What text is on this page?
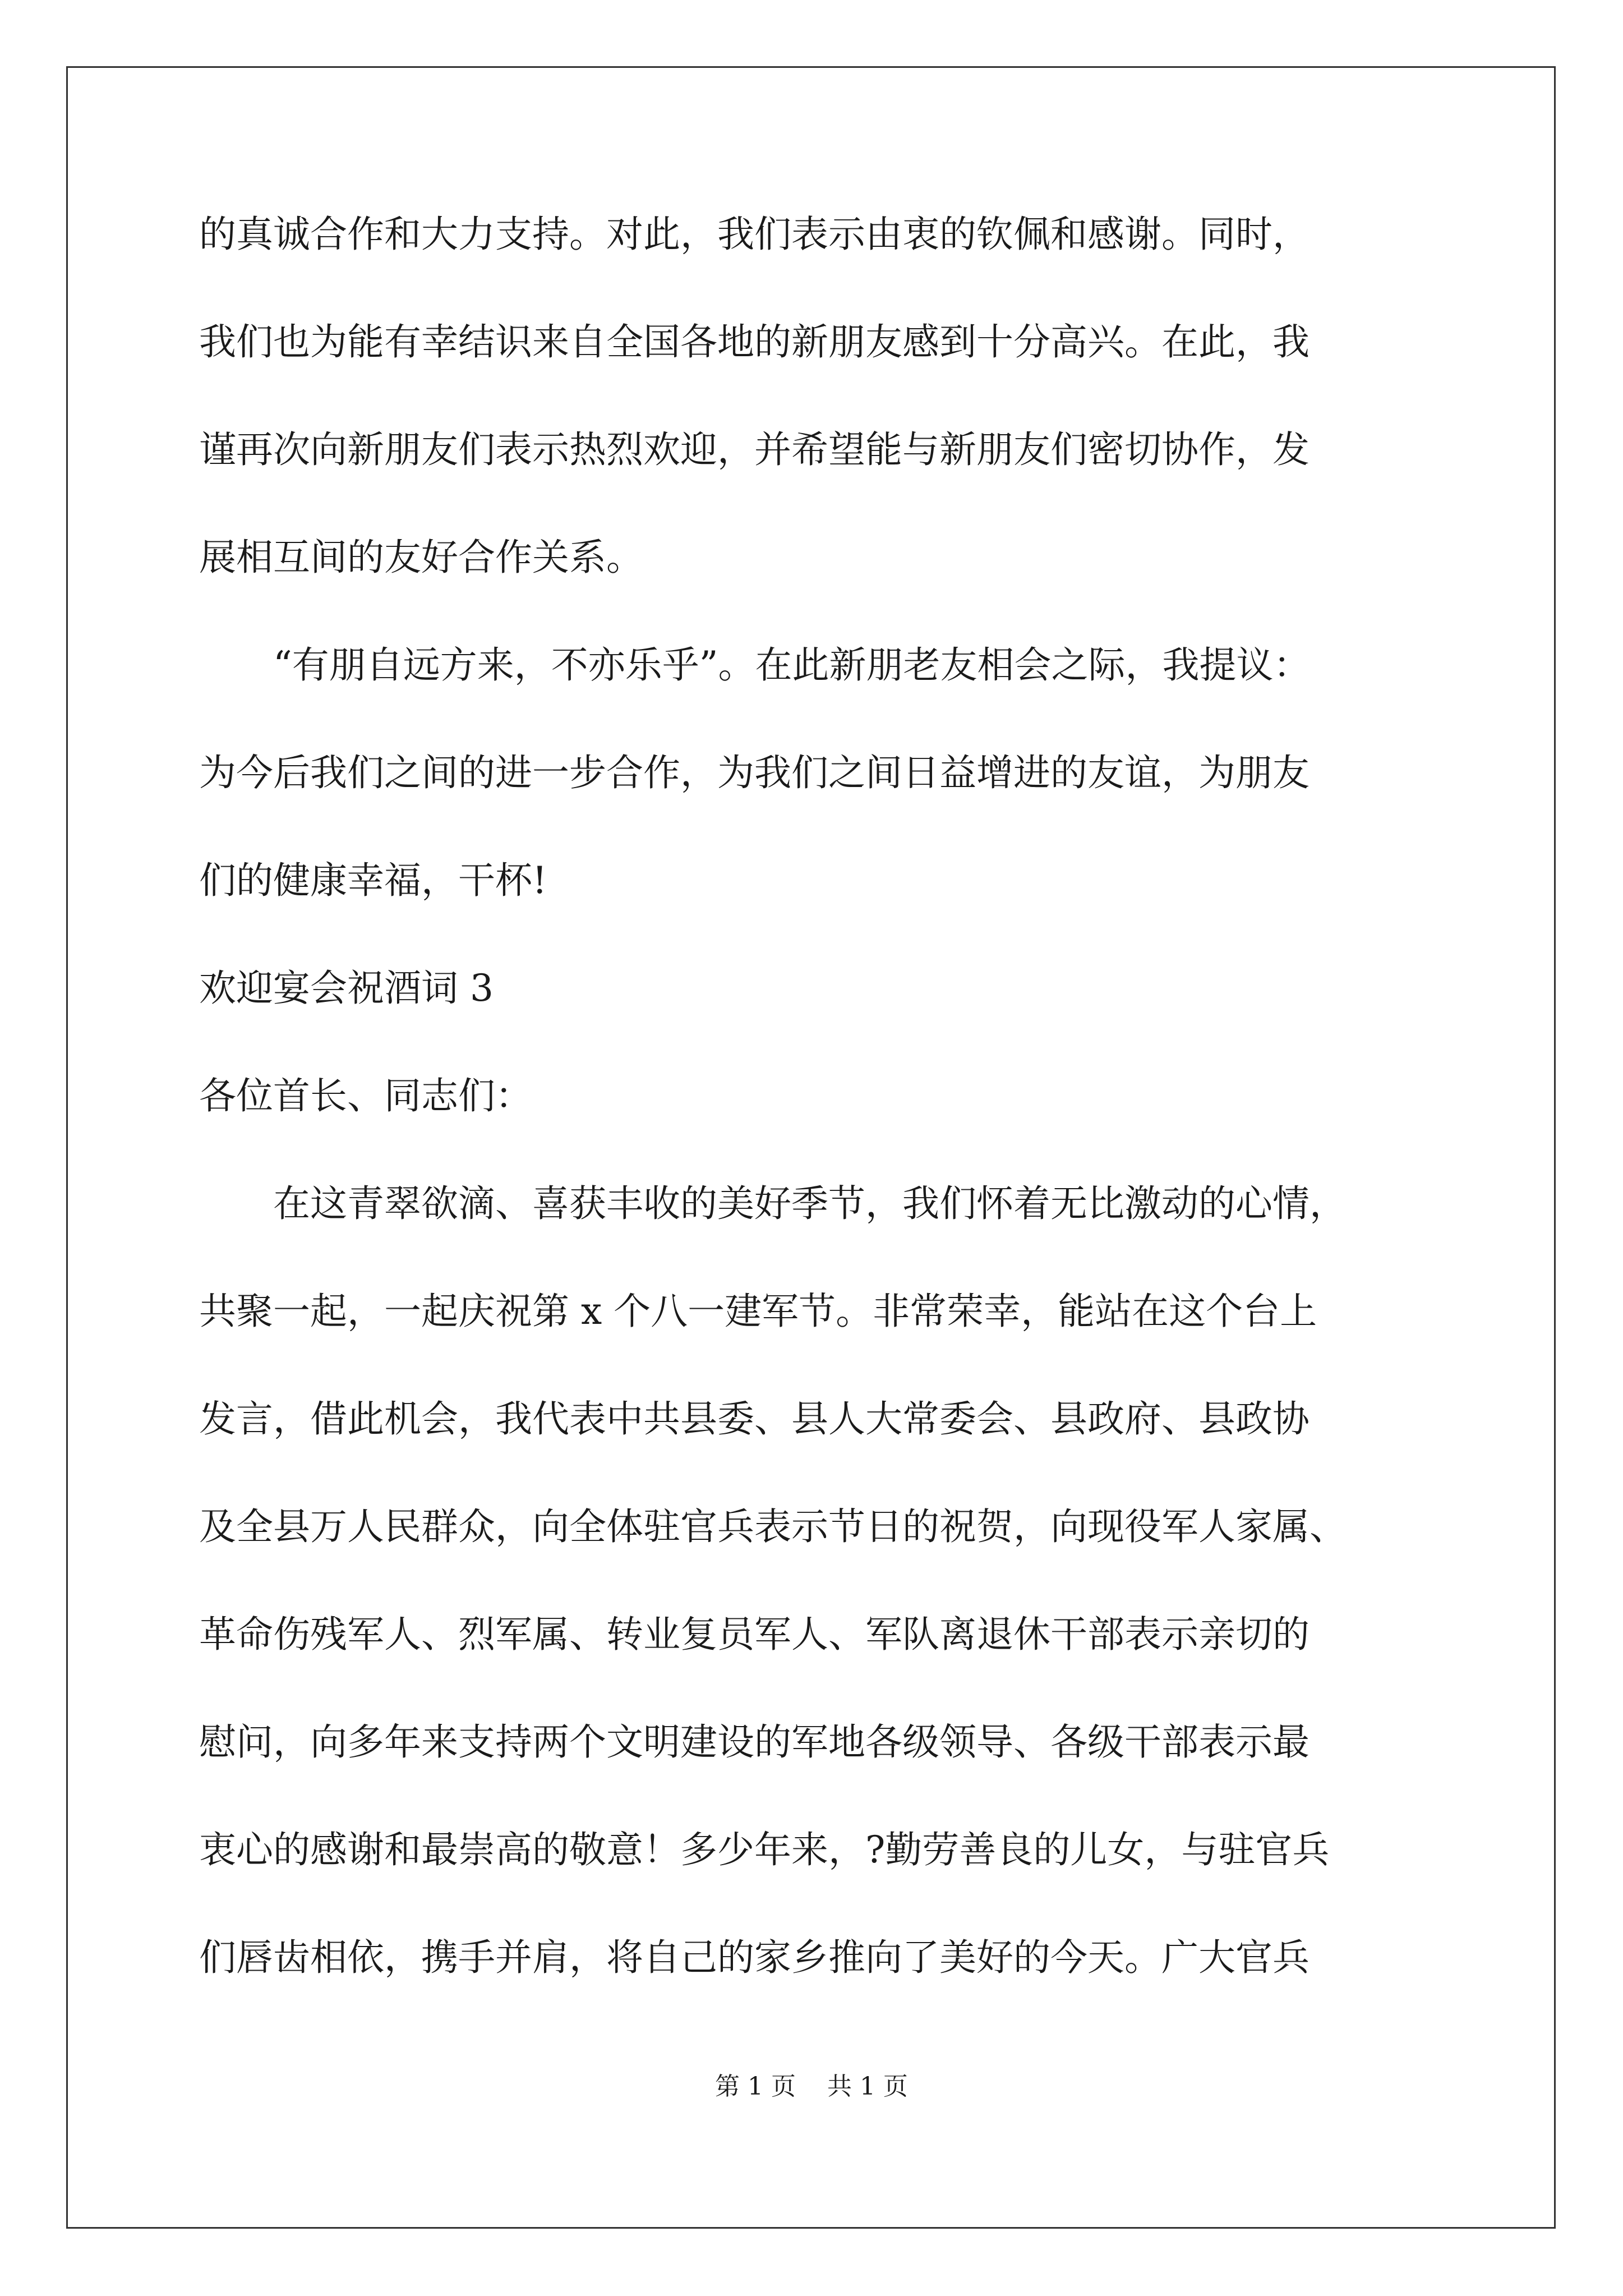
的真诚合作和大力支持。对此，我们表示由衷的钦佩和感谢。同时，
我们也为能有幸结识来自全国各地的新朋友感到十分高兴。在此，我
谨再次向新朋友们表示热烈欢迎，并希望能与新朋友们密切协作，发
展相互间的友好合作关系。
“有朋自远方来，不亦乐乎”。在此新朋老友相会之际，我提议：
为今后我们之间的进一步合作，为我们之间日益增进的友谊，为朋友
们的健康幸福，干杯!
欢迎宴会祝酒词 3
各位首长、同志们：
在这青翠欲滴、喜获丰收的美好季节，我们怀着无比激动的心情，
共聚一起，一起庆祝第 x 个八一建军节。非常荣幸，能站在这个台上
发言，借此机会，我代表中共县委、县人大常委会、县政府、县政协
及全县万人民群众，向全体驻官兵表示节日的祝贺，向现役军人家属、
革命伤残军人、烈军属、转业复员军人、军队离退休干部表示亲切的
慰问，向多年来支持两个文明建设的军地各级领导、各级干部表示最
衷心的感谢和最崇高的敬意！多少年来，?勤劳善良的儿女，与驻官兵
们唇齿相依，携手并肩，将自己的家乡推向了美好的今天。广大官兵
第 1 页    共 1 页
